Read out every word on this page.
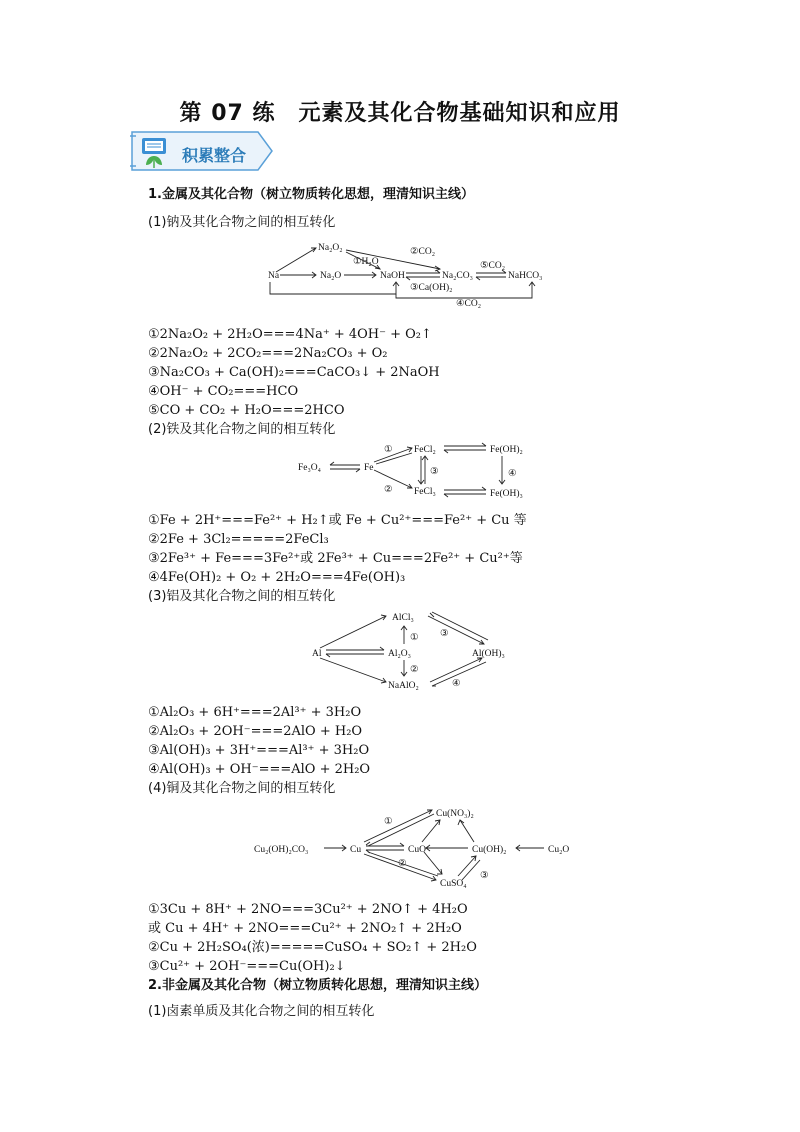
第 07 练　元素及其化合物基础知识和应用
积累整合
1.金属及其化合物（树立物质转化思想，理清知识主线）
(1)钠及其化合物之间的相互转化
Na
Na₂O₂
Na₂O	NaOH	Na₂CO₃	NaHCO₃
②CO₂
①H₂O	⑤CO₂
③Ca(OH)₂
④CO₂
①2Na₂O₂ + 2H₂O===4Na⁺ + 4OH⁻ + O₂↑
②2Na₂O₂ + 2CO₂===2Na₂CO₃ + O₂
③Na₂CO₃ + Ca(OH)₂===CaCO₃↓ + 2NaOH
④OH⁻ + CO₂===HCO
⑤CO + CO₂ + H₂O===2HCO
(2)铁及其化合物之间的相互转化
Fe₃O₄	Fe
FeCl₂
FeCl₃
Fe(OH)₂
Fe(OH)₃
①
②
③	④
①Fe + 2H⁺===Fe²⁺ + H₂↑或 Fe + Cu²⁺===Fe²⁺ + Cu 等
②2Fe + 3Cl₂=====2FeCl₃
③2Fe³⁺ + Fe===3Fe²⁺或 2Fe³⁺ + Cu===2Fe²⁺ + Cu²⁺等
④4Fe(OH)₂ + O₂ + 2H₂O===4Fe(OH)₃
(3)铝及其化合物之间的相互转化
Al
AlCl₃
Al₂O₃
NaAlO₂
Al(OH)₃
①
②
③
④
①Al₂O₃ + 6H⁺===2Al³⁺ + 3H₂O
②Al₂O₃ + 2OH⁻===2AlO + H₂O
③Al(OH)₃ + 3H⁺===Al³⁺ + 3H₂O
④Al(OH)₃ + OH⁻===AlO + 2H₂O
(4)铜及其化合物之间的相互转化
Cu₂(OH)₂CO₃	Cu
Cu(NO₃)₂
CuO	Cu(OH)₂	Cu₂O
CuSO₄
①
②
③
①3Cu + 8H⁺ + 2NO===3Cu²⁺ + 2NO↑ + 4H₂O
或 Cu + 4H⁺ + 2NO===Cu²⁺ + 2NO₂↑ + 2H₂O
②Cu + 2H₂SO₄(浓)=====CuSO₄ + SO₂↑ + 2H₂O
③Cu²⁺ + 2OH⁻===Cu(OH)₂↓
2.非金属及其化合物（树立物质转化思想，理清知识主线）
(1)卤素单质及其化合物之间的相互转化
